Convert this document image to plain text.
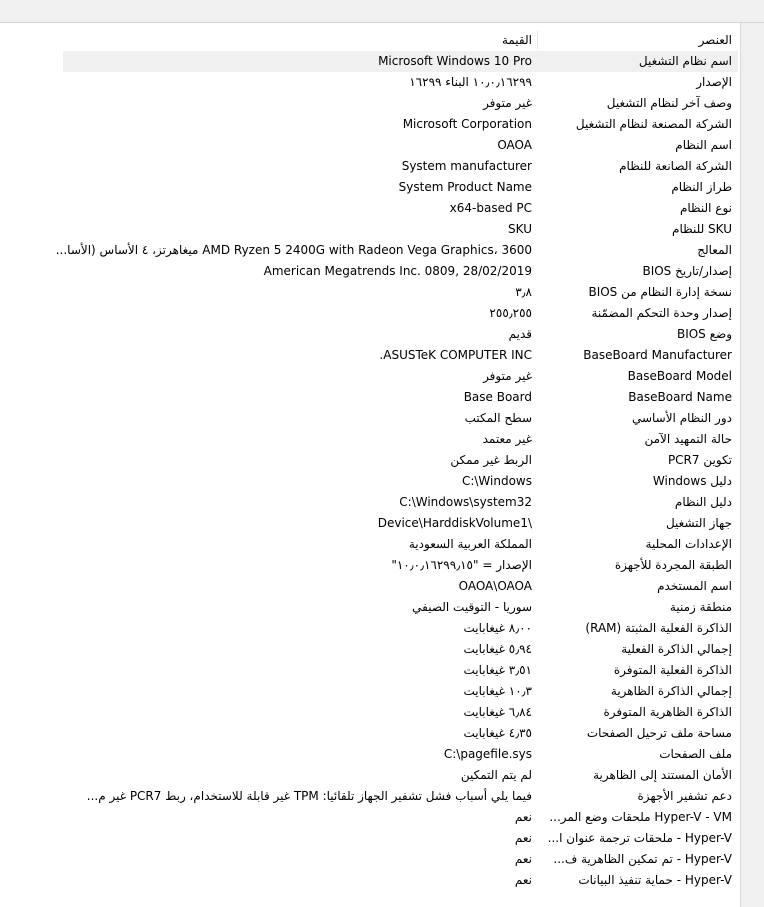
العنصر
القيمة
اسم نظام التشغيل
Microsoft Windows 10 Pro
الإصدار
١٠٫٠٫١٦٢٩٩ البناء ١٦٢٩٩
وصف آخر لنظام التشغيل
غير متوفر
الشركة المصنعة لنظام التشغيل
Microsoft Corporation
اسم النظام
OAOA
الشركة الصانعة للنظام
System manufacturer
طراز النظام
System Product Name
نوع النظام
x64-based PC
SKU للنظام
SKU
المعالج
AMD Ryzen 5 2400G with Radeon Vega Graphics، 3600 ميغاهرتز، ٤ الأساس (الأسا...
إصدار/تاريخ BIOS
American Megatrends Inc. 0809, 28/02/2019
نسخة إدارة النظام من BIOS
٣٫٨
إصدار وحدة التحكم المضمّنة
٢٥٥٫٢٥٥
وضع BIOS
قديم
BaseBoard Manufacturer
ASUSTeK COMPUTER INC.
BaseBoard Model
غير متوفر
BaseBoard Name
Base Board
دور النظام الأساسي
سطح المكتب
حالة التمهيد الآمن
غير معتمد
تكوين PCR7
الربط غير ممكن
دليل Windows
C:\Windows
دليل النظام
C:\Windows\system32
جهاز التشغيل
\Device\HarddiskVolume1
الإعدادات المحلية
المملكة العربية السعودية
الطبقة المجردة للأجهزة
الإصدار = "١٠٫٠٫١٦٢٩٩٫١٥"
اسم المستخدم
OAOA\OAOA
منطقة زمنية
سوريا - التوقيت الصيفي
الذاكرة الفعلية المثبتة (RAM)
٨٫٠٠ غيغابايت
إجمالي الذاكرة الفعلية
٥٫٩٤ غيغابايت
الذاكرة الفعلية المتوفرة
٣٫٥١ غيغابايت
إجمالي الذاكرة الظاهرية
١٠٫٣ غيغابايت
الذاكرة الظاهرية المتوفرة
٦٫٨٤ غيغابايت
مساحة ملف ترحيل الصفحات
٤٫٣٥ غيغابايت
ملف الصفحات
C:\pagefile.sys
الأمان المستند إلى الظاهرية
لم يتم التمكين
دعم تشفير الأجهزة
فيما يلي أسباب فشل تشفير الجهاز تلقائيا: TPM غير قابلة للاستخدام، ربط PCR7 غير م...
Hyper-V - VM ملحقات وضع المر...
نعم
Hyper-V - ملحقات ترجمة عنوان ا...
نعم
Hyper-V - تم تمكين الظاهرية ف...
نعم
Hyper-V - حماية تنفيذ البيانات
نعم
